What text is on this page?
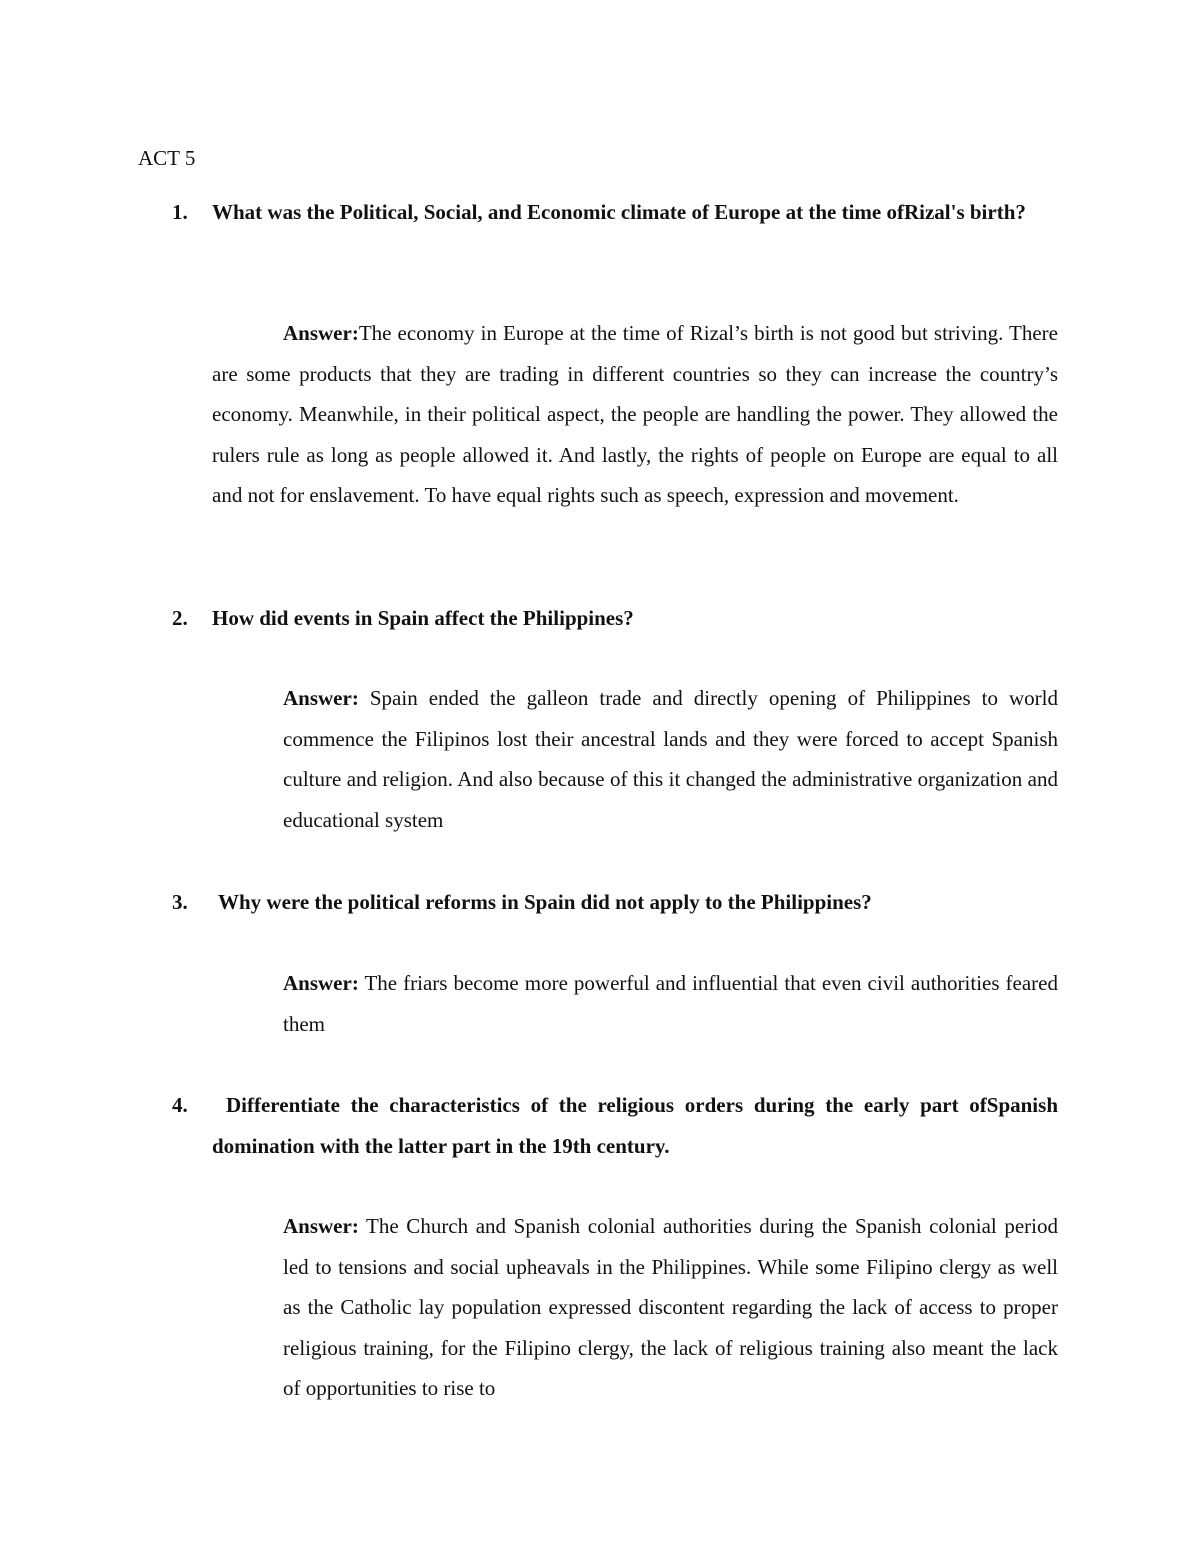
ACT 5
1.	What was the Political, Social, and Economic climate of Europe at the time ofRizal's birth?
Answer:The economy in Europe at the time of Rizal’s birth is not good but striving. There are some products that they are trading in different countries so they can increase the country’s economy. Meanwhile, in their political aspect, the people are handling the power. They allowed the rulers rule as long as people allowed it. And lastly, the rights of people on Europe are equal to all and not for enslavement. To have equal rights such as speech, expression and movement.
2.	How did events in Spain affect the Philippines?
Answer: Spain ended the galleon trade and directly opening of Philippines to world commence the Filipinos lost their ancestral lands and they were forced to accept Spanish culture and religion. And also because of this it changed the administrative organization and educational system
3.	Why were the political reforms in Spain did not apply to the Philippines?
Answer: The friars become more powerful and influential that even civil authorities feared them
4.	Differentiate the characteristics of the religious orders during the early part ofSpanish domination with the latter part in the 19th century.
Answer: The Church and Spanish colonial authorities during the Spanish colonial period led to tensions and social upheavals in the Philippines. While some Filipino clergy as well as the Catholic lay population expressed discontent regarding the lack of access to proper religious training, for the Filipino clergy, the lack of religious training also meant the lack of opportunities to rise to
